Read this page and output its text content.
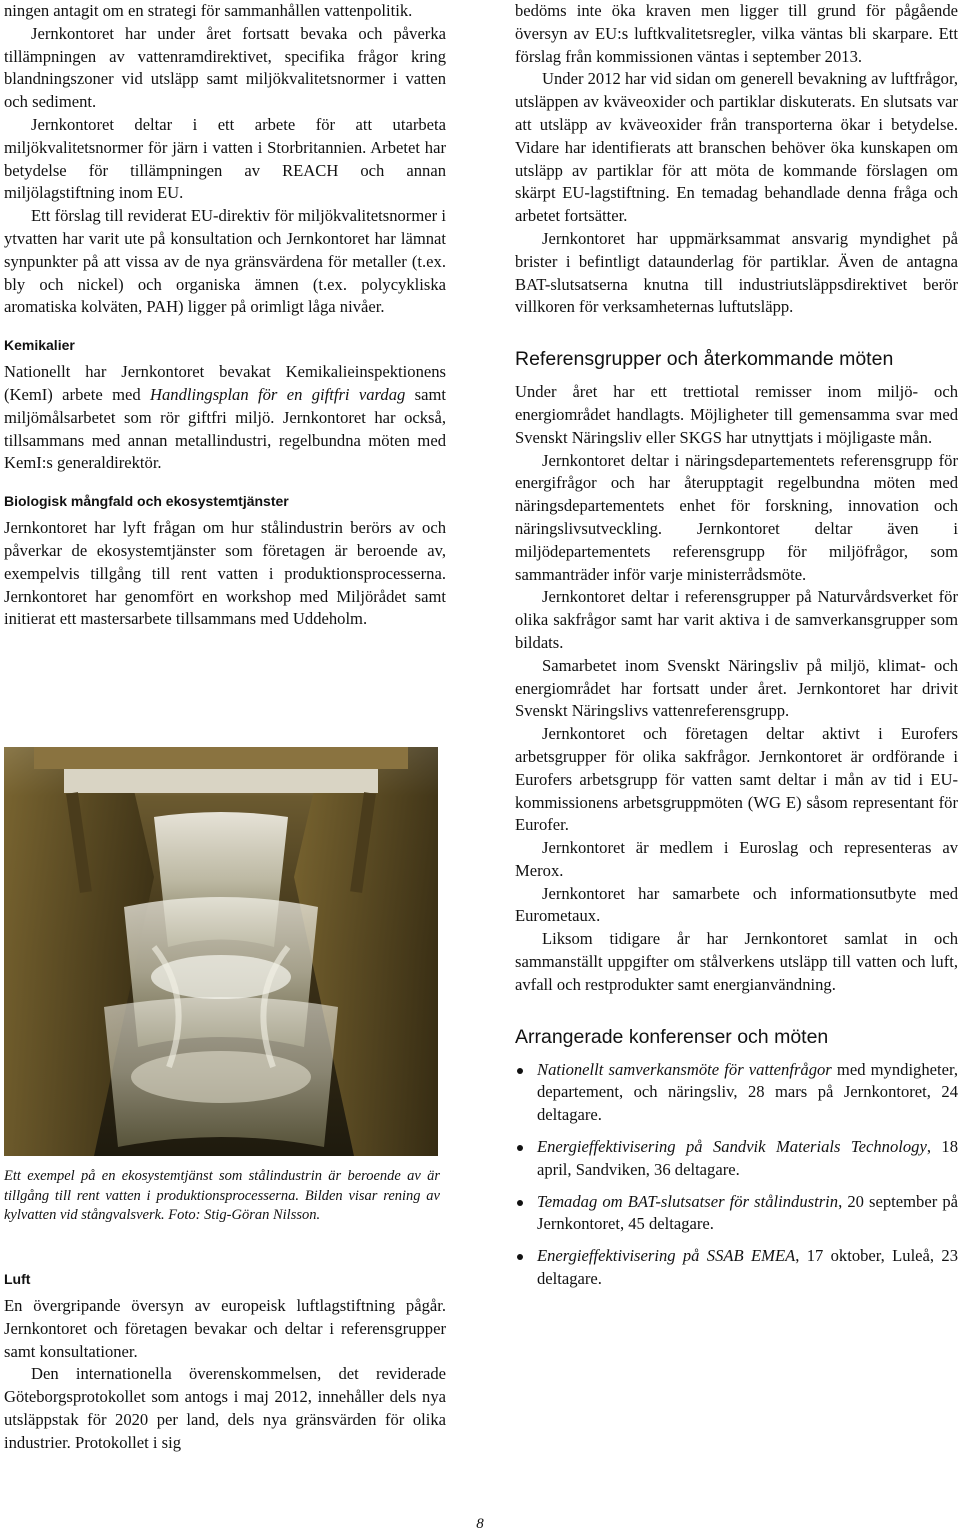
ningen antagit om en strategi för sammanhållen vattenpolitik.

Jernkontoret har under året fortsatt bevaka och påverka tillämpningen av vattenramdirektivet, specifika frågor kring blandningszoner vid utsläpp samt miljökvalitetsnormer i vatten och sediment.

Jernkontoret deltar i ett arbete för att utarbeta miljökvalitetsnormer för järn i vatten i Storbritannien. Arbetet har betydelse för tillämpningen av REACH och annan miljölagstiftning inom EU.

Ett förslag till reviderat EU-direktiv för miljökvalitetsnormer i ytvatten har varit ute på konsultation och Jernkontoret har lämnat synpunkter på att vissa av de nya gränsvärdena för metaller (t.ex. bly och nickel) och organiska ämnen (t.ex. polycykliska aromatiska kolväten, PAH) ligger på orimligt låga nivåer.

Kemikalier

Nationellt har Jernkontoret bevakat Kemikalieinspektionens (KemI) arbete med Handlingsplan för en giftfri vardag samt miljömålsarbetet som rör giftfri miljö. Jernkontoret har också, tillsammans med annan metallindustri, regelbundna möten med KemI:s generaldirektör.

Biologisk mångfald och ekosystemtjänster

Jernkontoret har lyft frågan om hur stålindustrin berörs av och påverkar de ekosystemtjänster som företagen är beroende av, exempelvis tillgång till rent vatten i produktionsprocesserna. Jernkontoret har genomfört en workshop med Miljörådet samt initierat ett mastersarbete tillsammans med Uddeholm.

Ett exempel på en ekosystemtjänst som stålindustrin är beroende av är tillgång till rent vatten i produktionsprocesserna. Bilden visar rening av kylvatten vid stångvalsverk. Foto: Stig-Göran Nilsson.

Luft

En övergripande översyn av europeisk luftlagstiftning pågår. Jernkontoret och företagen bevakar och deltar i referensgrupper samt konsultationer.

Den internationella överenskommelsen, det reviderade Göteborgsprotokollet som antogs i maj 2012, innehåller dels nya utsläppstak för 2020 per land, dels nya gränsvärden för olika industrier. Protokollet i sig

bedöms inte öka kraven men ligger till grund för pågående översyn av EU:s luftkvalitetsregler, vilka väntas bli skarpare. Ett förslag från kommissionen väntas i september 2013.

Under 2012 har vid sidan om generell bevakning av luftfrågor, utsläppen av kväveoxider och partiklar diskuterats. En slutsats var att utsläpp av kväveoxider från transporterna ökar i betydelse. Vidare har identifierats att branschen behöver öka kunskapen om utsläpp av partiklar för att möta de kommande förslagen om skärpt EU-lagstiftning. En temadag behandlade denna fråga och arbetet fortsätter.

Jernkontoret har uppmärksammat ansvarig myndighet på brister i befintligt dataunderlag för partiklar. Även de antagna BAT-slutsatserna knutna till industriutsläppsdirektivet berör villkoren för verksamheternas luftutsläpp.

Referensgrupper och återkommande möten

Under året har ett trettiotal remisser inom miljö- och energiområdet handlagts. Möjligheter till gemensamma svar med Svenskt Näringsliv eller SKGS har utnyttjats i möjligaste mån.

Jernkontoret deltar i näringsdepartementets referensgrupp för energifrågor och har återupptagit regelbundna möten med näringsdepartementets enhet för forskning, innovation och näringslivsutveckling. Jernkontoret deltar även i miljödepartementets referensgrupp för miljöfrågor, som sammanträder inför varje ministerrådsmöte.

Jernkontoret deltar i referensgrupper på Naturvårdsverket för olika sakfrågor samt har varit aktiva i de samverkansgrupper som bildats.

Samarbetet inom Svenskt Näringsliv på miljö, klimat- och energiområdet har fortsatt under året. Jernkontoret har drivit Svenskt Näringslivs vattenreferensgrupp.

Jernkontoret och företagen deltar aktivt i Eurofers arbetsgrupper för olika sakfrågor. Jernkontoret är ordförande i Eurofers arbetsgrupp för vatten samt deltar i mån av tid i EU-kommissionens arbetsgruppmöten (WG E) såsom representant för Eurofer.

Jernkontoret är medlem i Euroslag och representeras av Merox.

Jernkontoret har samarbete och informationsutbyte med Eurometaux.

Liksom tidigare år har Jernkontoret samlat in och sammanställt uppgifter om stålverkens utsläpp till vatten och luft, avfall och restprodukter samt energianvändning.

Arrangerade konferenser och möten
Nationellt samverkansmöte för vattenfrågor med myndigheter, departement, och näringsliv, 28 mars på Jernkontoret, 24 deltagare.
Energieffektivisering på Sandvik Materials Technology, 18 april, Sandviken, 36 deltagare.
Temadag om BAT-slutsatser för stålindustrin, 20 september på Jernkontoret, 45 deltagare.
Energieffektivisering på SSAB EMEA, 17 oktober, Luleå, 23 deltagare.
8
